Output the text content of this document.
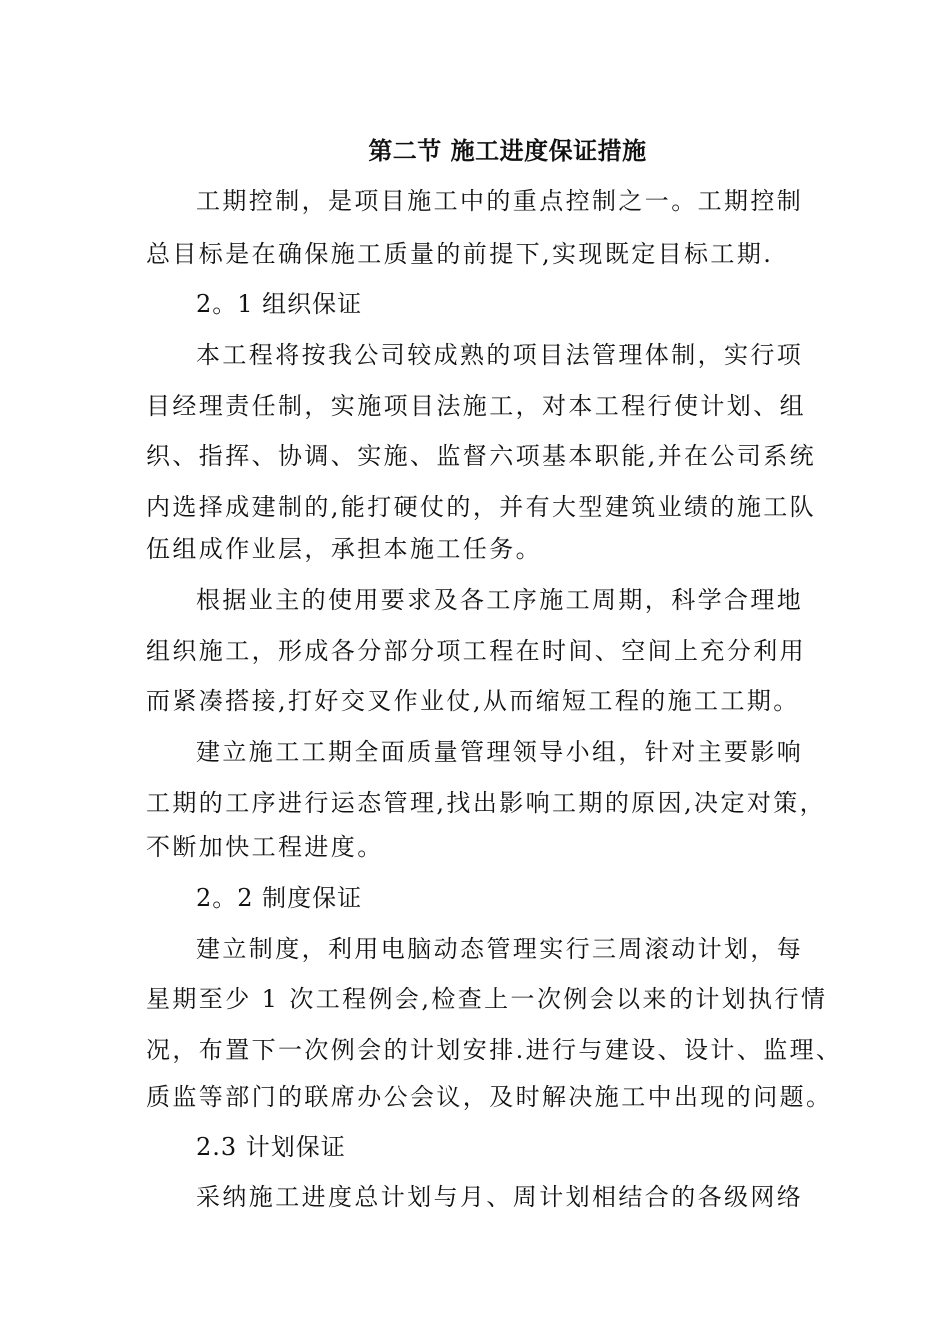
第二节 施工进度保证措施
工期控制，是项目施工中的重点控制之一。工期控制
总目标是在确保施工质量的前提下,实现既定目标工期.
2。1 组织保证
本工程将按我公司较成熟的项目法管理体制，实行项
目经理责任制，实施项目法施工，对本工程行使计划、组
织、指挥、协调、实施、监督六项基本职能,并在公司系统
内选择成建制的,能打硬仗的，并有大型建筑业绩的施工队
伍组成作业层，承担本施工任务。
根据业主的使用要求及各工序施工周期，科学合理地
组织施工，形成各分部分项工程在时间、空间上充分利用
而紧凑搭接,打好交叉作业仗,从而缩短工程的施工工期。
建立施工工期全面质量管理领导小组，针对主要影响
工期的工序进行运态管理,找出影响工期的原因,决定对策，
不断加快工程进度。
2。2 制度保证
建立制度，利用电脑动态管理实行三周滚动计划，每
星期至少 1 次工程例会,检查上一次例会以来的计划执行情
况，布置下一次例会的计划安排.进行与建设、设计、监理、
质监等部门的联席办公会议，及时解决施工中出现的问题。
2.3 计划保证
采纳施工进度总计划与月、周计划相结合的各级网络
